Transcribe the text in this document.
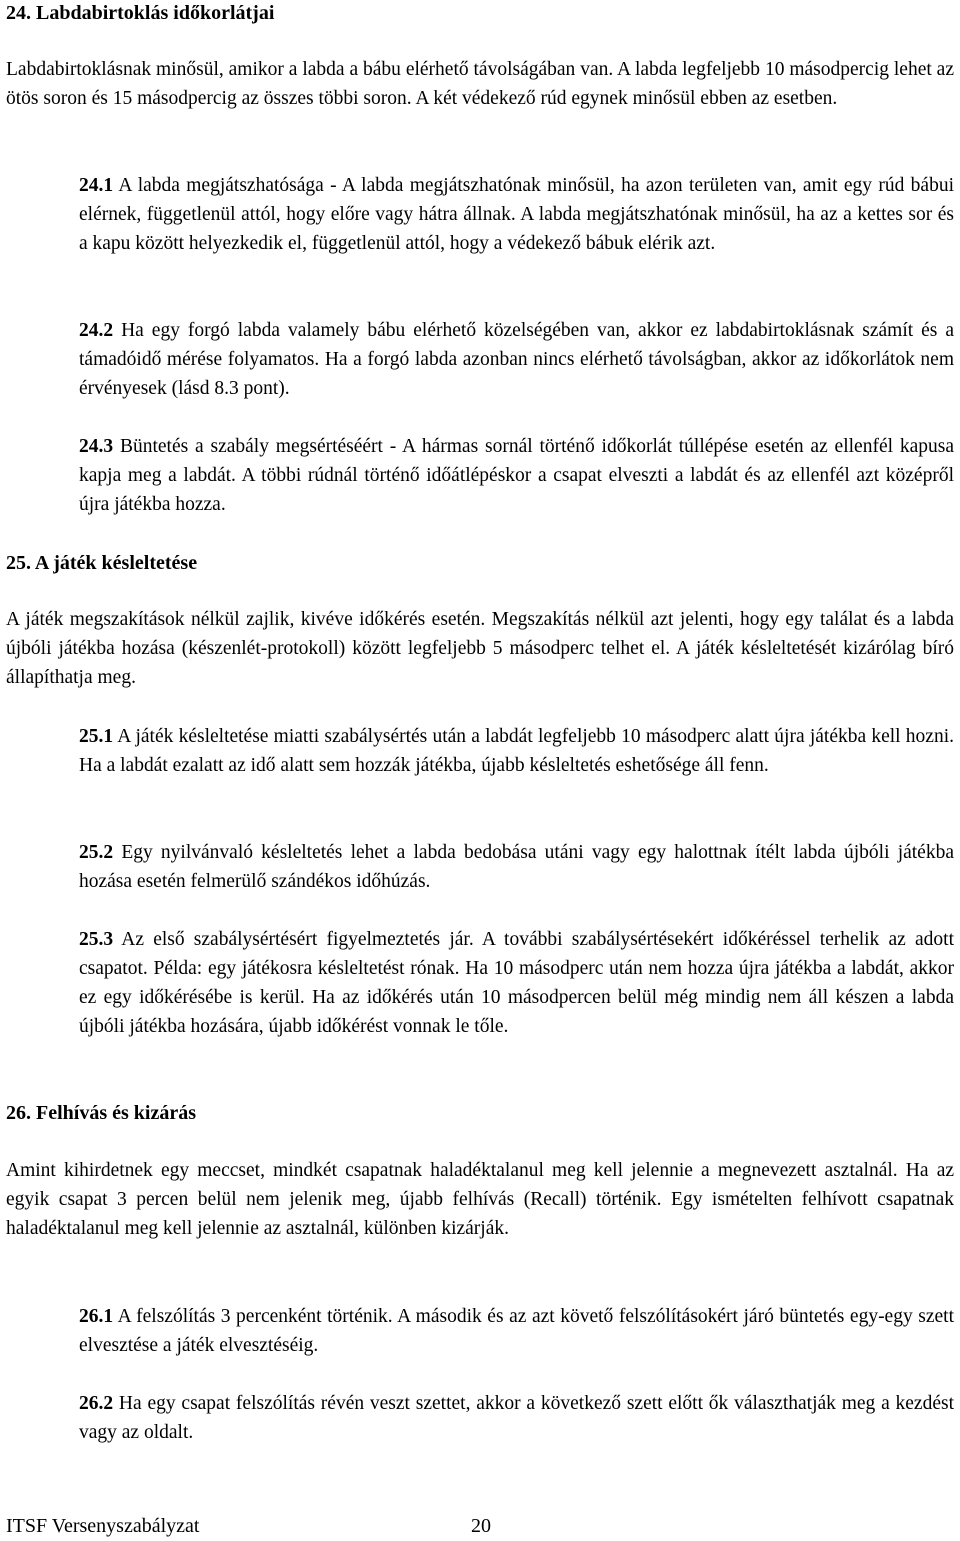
24. Labdabirtoklás időkorlátjai

Labdabirtoklásnak minősül, amikor a labda a bábu elérhető távolságában van. A labda legfeljebb 10 másodpercig lehet az ötös soron és 15 másodpercig az összes többi soron. A két védekező rúd egynek minősül ebben az esetben.

24.1 A labda megjátszhatósága - A labda megjátszhatónak minősül, ha azon területen van, amit egy rúd bábui elérnek, függetlenül attól, hogy előre vagy hátra állnak. A labda megjátszhatónak minősül, ha az a kettes sor és a kapu között helyezkedik el, függetlenül attól, hogy a védekező bábuk elérik azt.

24.2 Ha egy forgó labda valamely bábu elérhető közelségében van, akkor ez labdabirtoklásnak számít és a támadóidő mérése folyamatos. Ha a forgó labda azonban nincs elérhető távolságban, akkor az időkorlátok nem érvényesek (lásd 8.3 pont).

24.3 Büntetés a szabály megsértéséért - A hármas sornál történő időkorlát túllépése esetén az ellenfél kapusa kapja meg a labdát. A többi rúdnál történő időátlépéskor a csapat elveszti a labdát és az ellenfél azt középről újra játékba hozza.

25. A játék késleltetése

A játék megszakítások nélkül zajlik, kivéve időkérés esetén. Megszakítás nélkül azt jelenti, hogy egy találat és a labda újbóli játékba hozása (készenlét-protokoll) között legfeljebb 5 másodperc telhet el. A játék késleltetését kizárólag bíró állapíthatja meg.

25.1 A játék késleltetése miatti szabálysértés után a labdát legfeljebb 10 másodperc alatt újra játékba kell hozni. Ha a labdát ezalatt az idő alatt sem hozzák játékba, újabb késleltetés eshetősége áll fenn.

25.2 Egy nyilvánvaló késleltetés lehet a labda bedobása utáni vagy egy halottnak ítélt labda újbóli játékba hozása esetén felmerülő szándékos időhúzás.

25.3 Az első szabálysértésért figyelmeztetés jár. A további szabálysértésekért időkéréssel terhelik az adott csapatot. Példa: egy játékosra késleltetést rónak. Ha 10 másodperc után nem hozza újra játékba a labdát, akkor ez egy időkérésébe is kerül. Ha az időkérés után 10 másodpercen belül még mindig nem áll készen a labda újbóli játékba hozására, újabb időkérést vonnak le tőle.

26. Felhívás és kizárás

Amint kihirdetnek egy meccset, mindkét csapatnak haladéktalanul meg kell jelennie a megnevezett asztalnál. Ha az egyik csapat 3 percen belül nem jelenik meg, újabb felhívás (Recall) történik. Egy ismételten felhívott csapatnak haladéktalanul meg kell jelennie az asztalnál, különben kizárják.

26.1 A felszólítás 3 percenként történik. A második és az azt követő felszólításokért járó büntetés egy-egy szett elvesztése a játék elvesztéséig.

26.2 Ha egy csapat felszólítás révén veszt szettet, akkor a következő szett előtt ők választhatják meg a kezdést vagy az oldalt.

ITSF Versenyszabályzat	20
